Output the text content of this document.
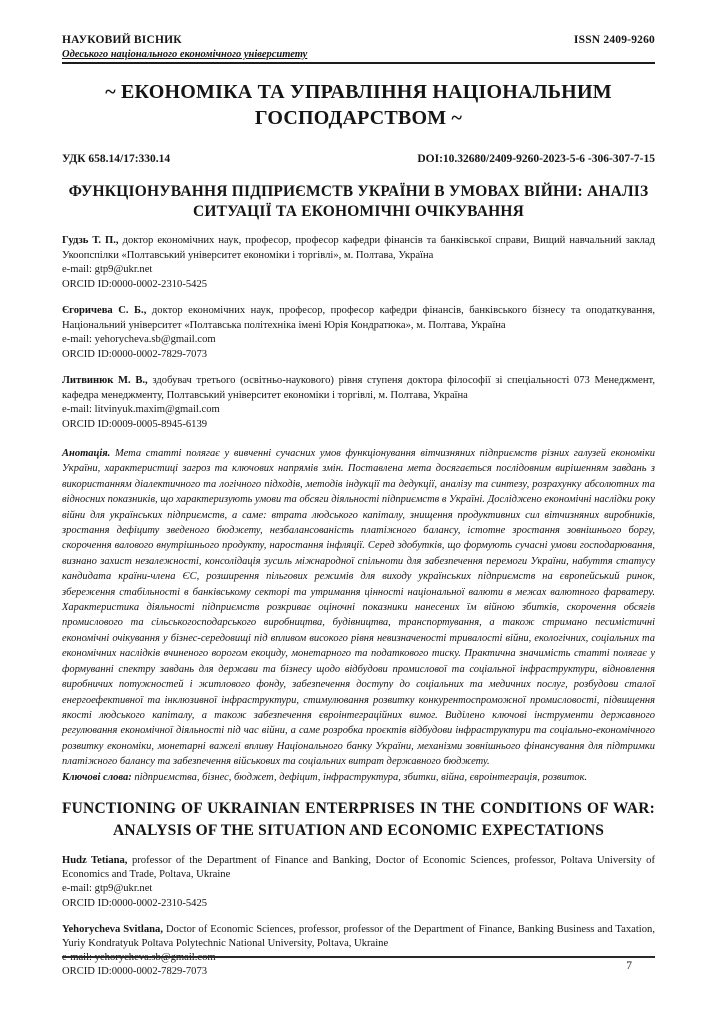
НАУКОВИЙ ВІСНИК	ISSN 2409-9260
Одеського національного економічного університету
~ ЕКОНОМІКА ТА УПРАВЛІННЯ НАЦІОНАЛЬНИМ ГОСПОДАРСТВОМ ~
УДК 658.14/17:330.14	DOI:10.32680/2409-9260-2023-5-6 -306-307-7-15
ФУНКЦІОНУВАННЯ ПІДПРИЄМСТВ УКРАЇНИ В УМОВАХ ВІЙНИ: АНАЛІЗ СИТУАЦІЇ ТА ЕКОНОМІЧНІ ОЧІКУВАННЯ

Гудзь Т. П., доктор економічних наук, професор, професор кафедри фінансів та банківської справи, Вищий навчальний заклад Укоопспілки «Полтавський університет економіки і торгівлі», м. Полтава, Україна

e-mail: gtp9@ukr.net

ORCID ID:0000-0002-2310-5425

Єгоричева С. Б., доктор економічних наук, професор, професор кафедри фінансів, банківського бізнесу та оподаткування, Національний університет «Полтавська політехніка імені Юрія Кондратюка», м. Полтава, Україна

e-mail: yehorycheva.sb@gmail.com

ORCID ID:0000-0002-7829-7073

Литвинюк М. В., здобувач третього (освітньо-наукового) рівня ступеня доктора філософії зі спеціальності 073 Менеджмент, кафедра менеджменту, Полтавський університет економіки і торгівлі, м. Полтава, Україна

e-mail: litvinyuk.maxim@gmail.com

ORCID ID:0009-0005-8945-6139

Анотація. Мета статті полягає у вивченні сучасних умов функціонування вітчизняних підприємств різних галузей економіки України, характеристиці загроз та ключових напрямів змін. Поставлена мета досягається послідовним вирішенням завдань з використанням діалектичного та логічного підходів, методів індукції та дедукції, аналізу та синтезу, розрахунку абсолютних та відносних показників, що характеризують умови та обсяги діяльності підприємств в Україні. Досліджено економічні наслідки року війни для українських підприємств, а саме: втрата людського капіталу, знищення продуктивних сил вітчизняних виробників, зростання дефіциту зведеного бюджету, незбалансованість платіжного балансу, істотне зростання зовнішнього боргу, скорочення валового внутрішнього продукту, наростання інфляції. Серед здобутків, що формують сучасні умови господарювання, визнано захист незалежності, консолідація зусиль міжнародної спільноти для забезпечення перемоги України, набуття статусу кандидата країни-члена ЄС, розширення пільгових режимів для виходу українських підприємств на європейський ринок, збереження стабільності в банківському секторі та утримання цінності національної валюти в межах валютного фарватеру. Характеристика діяльності підприємств розкриває оціночні показники нанесених їм війною збитків, скорочення обсягів промислового та сільськогосподарського виробництва, будівництва, транспортування, а також стримано песимістичні економічні очікування у бізнес-середовищі під впливом високого рівня невизначеності тривалості війни, екологічних, соціальних та економічних наслідків вчиненого ворогом екоциду, монетарного та податкового тиску. Практична значимість статті полягає у формуванні спектру завдань для держави та бізнесу щодо відбудови промислової та соціальної інфраструктури, відновлення виробничих потужностей і житлового фонду, забезпечення доступу до соціальних та медичних послуг, розбудови сталої енергоефективної та інклюзивної інфраструктури, стимулювання розвитку конкурентоспроможної промисловості, підвищення якості людського капіталу, а також забезпечення євроінтеграційних вимог. Виділено ключові інструменти державного регулювання економічної діяльності під час війни, а саме розробка проєктів відбудови інфраструктури та соціально-економічного розвитку економіки, монетарні важелі впливу Національного банку України, механізми зовнішнього фінансування для підтримки платіжного балансу та забезпечення військових та соціальних витрат державного бюджету.

Ключові слова: підприємства, бізнес, бюджет, дефіцит, інфраструктура, збитки, війна, євроінтеграція, розвиток.

FUNCTIONING OF UKRAINIAN ENTERPRISES IN THE CONDITIONS OF WAR: ANALYSIS OF THE SITUATION AND ECONOMIC EXPECTATIONS

Hudz Tetiana, professor of the Department of Finance and Banking, Doctor of Economic Sciences, professor, Poltava University of Economics and Trade, Poltava, Ukraine

e-mail: gtp9@ukr.net

ORCID ID:0000-0002-2310-5425

Yehorycheva Svitlana, Doctor of Economic Sciences, professor, professor of the Department of Finance, Banking Business and Taxation, Yuriy Kondratyuk Poltava Polytechnic National University, Poltava, Ukraine

ORCID ID:0000-0002-7829-7073	7
